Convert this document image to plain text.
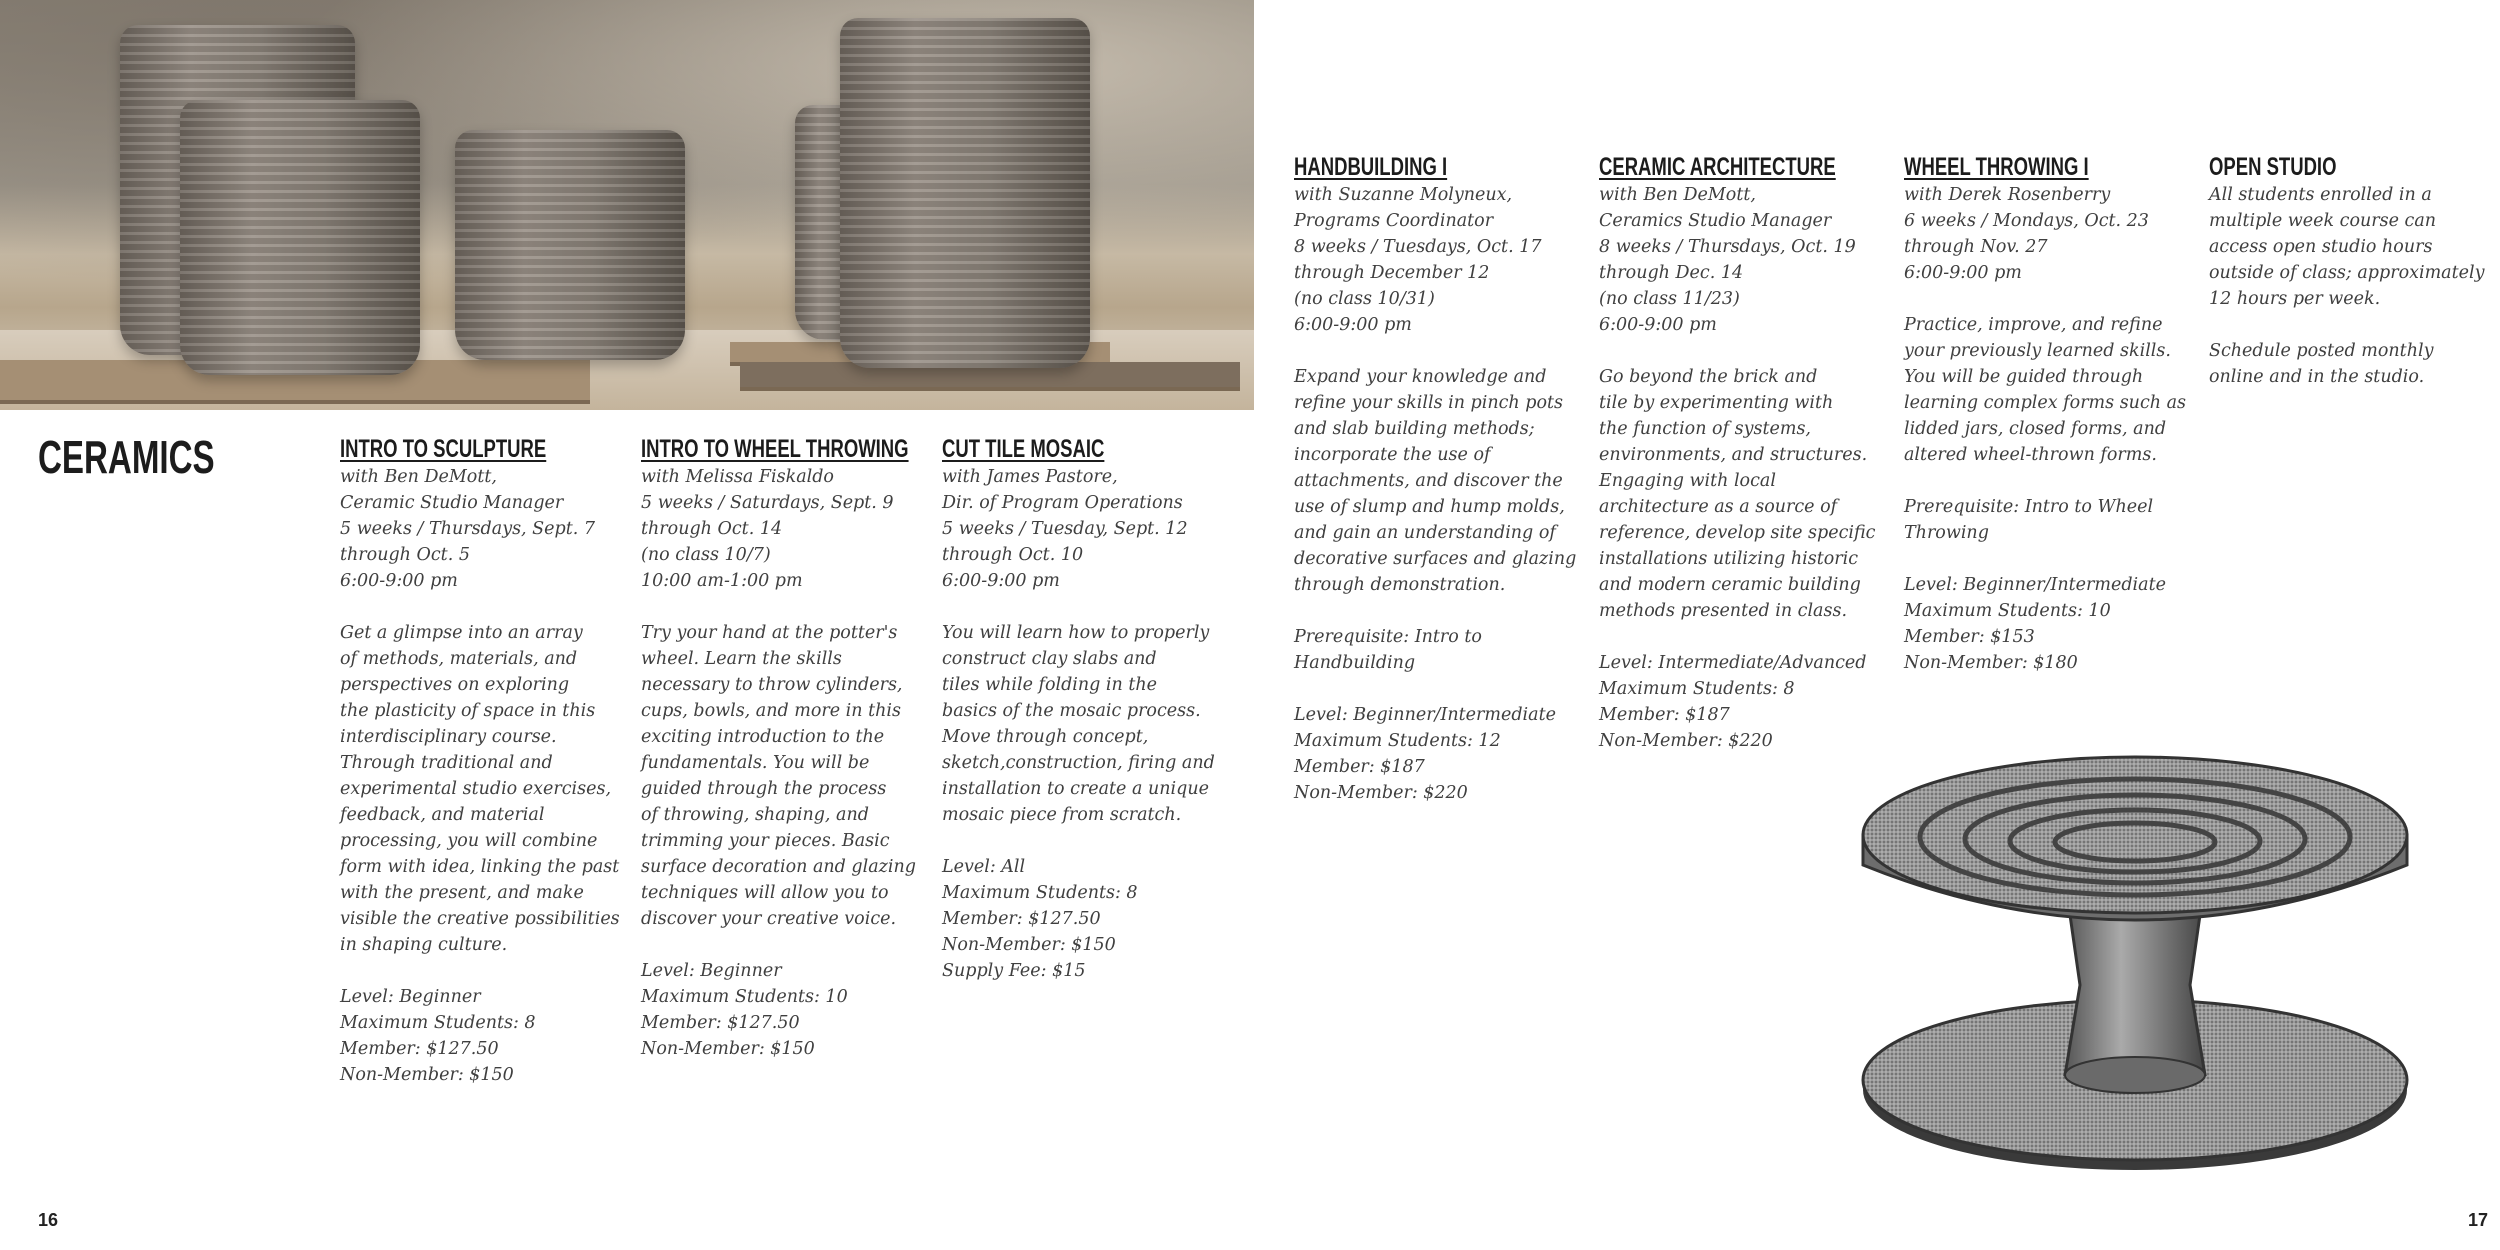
CERAMICS	INTRO TO SCULPTURE
with Ben DeMott,
Ceramic Studio Manager
5 weeks / Thursdays, Sept. 7
through Oct. 5
6:00-9:00 pm
Get a glimpse into an array
of methods, materials, and
perspectives on exploring
the plasticity of space in this
interdisciplinary course.
Through traditional and
experimental studio exercises,
feedback, and material
processing, you will combine
form with idea, linking the past
with the present, and make
visible the creative possibilities
in shaping culture.
Level: Beginner
Maximum Students: 8
Member: $127.50
Non-Member: $150
INTRO TO WHEEL THROWING
with Melissa Fiskaldo
5 weeks / Saturdays, Sept. 9
through Oct. 14
(no class 10/7)
10:00 am-1:00 pm
Try your hand at the potter's
wheel. Learn the skills
necessary to throw cylinders,
cups, bowls, and more in this
exciting introduction to the
fundamentals. You will be
guided through the process
of throwing, shaping, and
trimming your pieces. Basic
surface decoration and glazing
techniques will allow you to
discover your creative voice.
Level: Beginner
Maximum Students: 10
Member: $127.50
Non-Member: $150
CUT TILE MOSAIC
with James Pastore,
Dir. of Program Operations
5 weeks / Tuesday, Sept. 12
through Oct. 10
6:00-9:00 pm
You will learn how to properly
construct clay slabs and
tiles while folding in the
basics of the mosaic process.
Move through concept,
sketch,construction, firing and
installation to create a unique
mosaic piece from scratch.
Level: All
Maximum Students: 8
Member: $127.50
Non-Member: $150
Supply Fee: $15
HANDBUILDING I
with Suzanne Molyneux,
Programs Coordinator
8 weeks / Tuesdays, Oct. 17
through December 12
(no class 10/31)
6:00-9:00 pm
Expand your knowledge and
refine your skills in pinch pots
and slab building methods;
incorporate the use of
attachments, and discover the
use of slump and hump molds,
and gain an understanding of
decorative surfaces and glazing
through demonstration.
Prerequisite: Intro to
Handbuilding
Level: Beginner/Intermediate
Maximum Students: 12
Member: $187
Non-Member: $220
CERAMIC ARCHITECTURE
with Ben DeMott,
Ceramics Studio Manager
8 weeks / Thursdays, Oct. 19
through Dec. 14
(no class 11/23)
6:00-9:00 pm
Go beyond the brick and
tile by experimenting with
the function of systems,
environments, and structures.
Engaging with local
architecture as a source of
reference, develop site specific
installations utilizing historic
and modern ceramic building
methods presented in class.
Level: Intermediate/Advanced
Maximum Students: 8
Member: $187
Non-Member: $220
WHEEL THROWING I
with Derek Rosenberry
6 weeks / Mondays, Oct. 23
through Nov. 27
6:00-9:00 pm
Practice, improve, and refine
your previously learned skills.
You will be guided through
learning complex forms such as
lidded jars, closed forms, and
altered wheel-thrown forms.
Prerequisite: Intro to Wheel
Throwing
Level: Beginner/Intermediate
Maximum Students: 10
Member: $153
Non-Member: $180
OPEN STUDIO
All students enrolled in a
multiple week course can
access open studio hours
outside of class; approximately
12 hours per week.
Schedule posted monthly
online and in the studio.
16	17
